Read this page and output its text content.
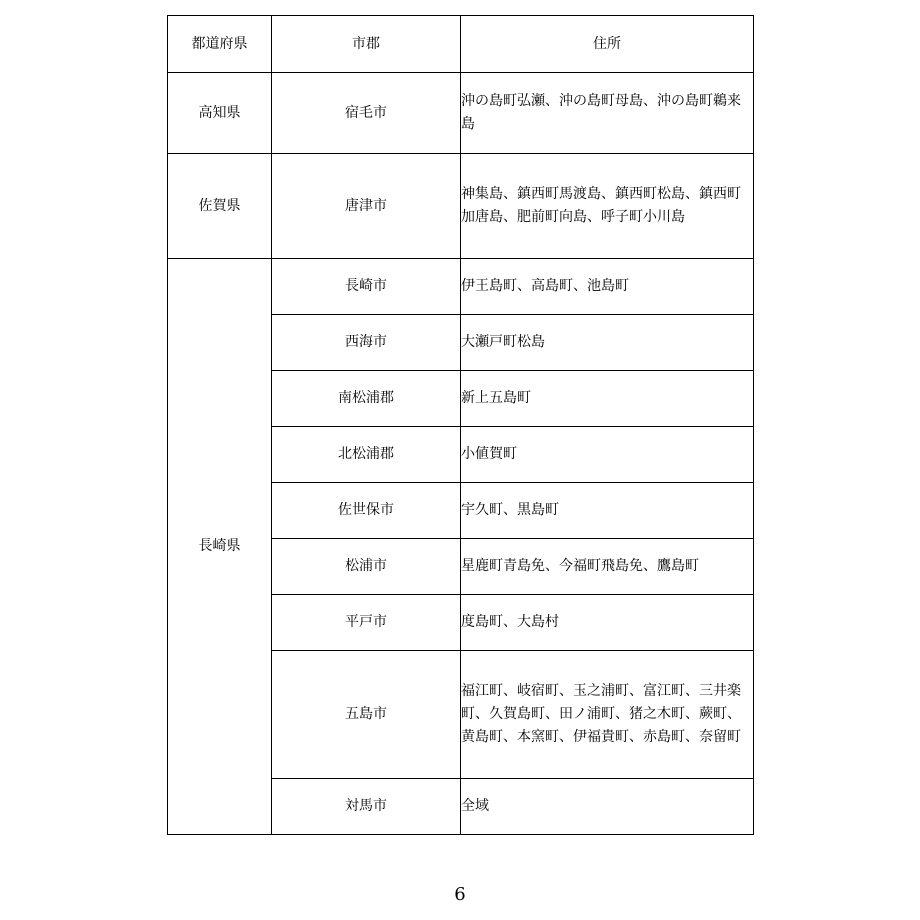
都道府県	市郡	住所
高知県	宿毛市	沖の島町弘瀬、沖の島町母島、沖の島町鵜来島
佐賀県	唐津市	神集島、鎮西町馬渡島、鎮西町松島、鎮西町加唐島、肥前町向島、呼子町小川島
長崎県	長崎市	伊王島町、高島町、池島町
	西海市	大瀬戸町松島
	南松浦郡	新上五島町
	北松浦郡	小値賀町
	佐世保市	宇久町、黒島町
	松浦市	星鹿町青島免、今福町飛島免、鷹島町
	平戸市	度島町、大島村
	五島市	福江町、岐宿町、玉之浦町、富江町、三井楽町、久賀島町、田ノ浦町、猪之木町、蕨町、黄島町、本窯町、伊福貴町、赤島町、奈留町
	対馬市	全域
6
